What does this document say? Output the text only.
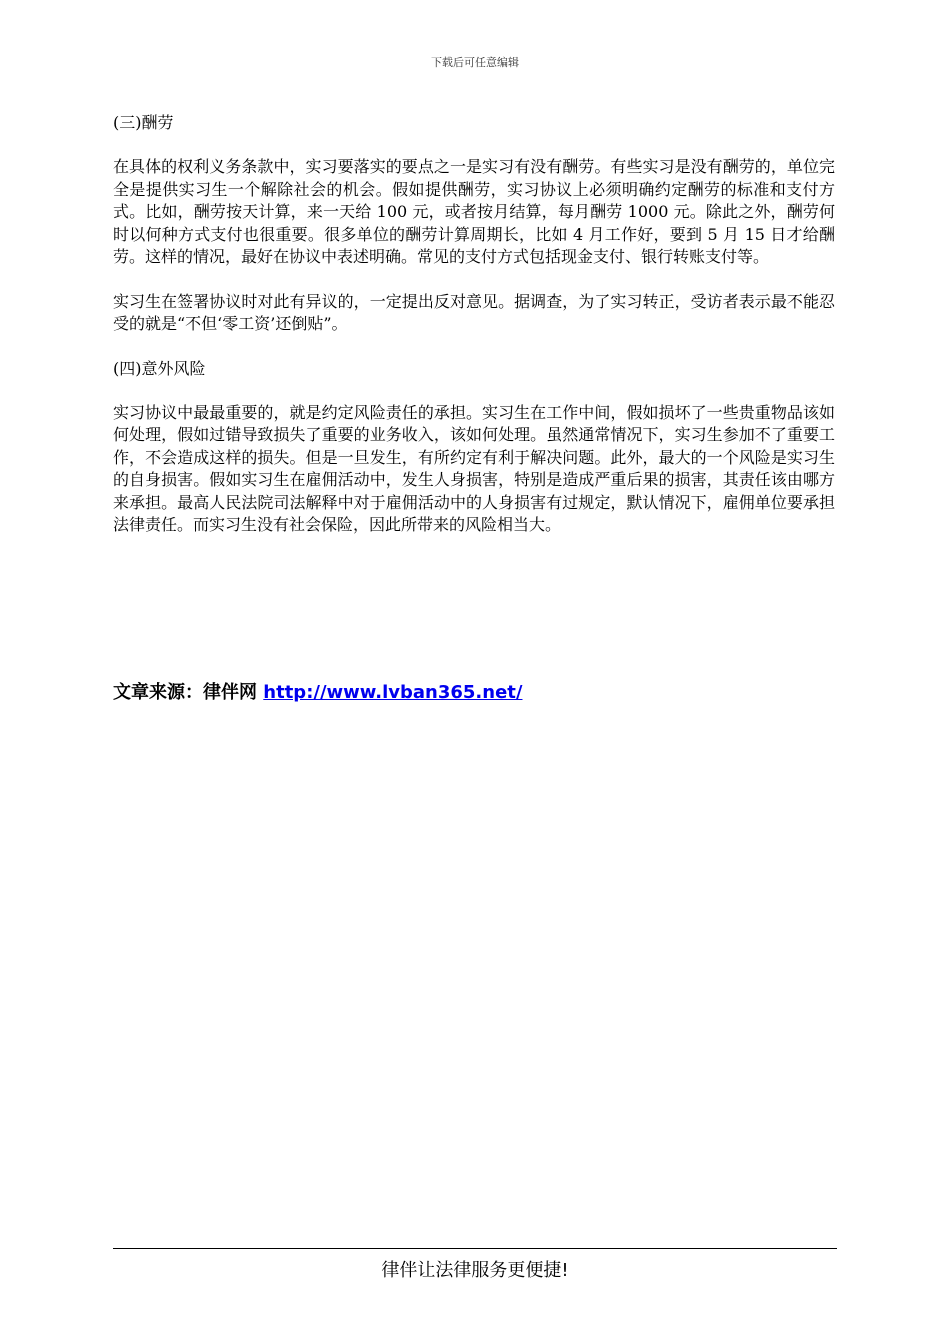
下载后可任意编辑
(三)酬劳

在具体的权利义务条款中，实习要落实的要点之一是实习有没有酬劳。有些实习是没有酬劳的，单位完全是提供实习生一个解除社会的机会。假如提供酬劳，实习协议上必须明确约定酬劳的标准和支付方式。比如，酬劳按天计算，来一天给 100 元，或者按月结算，每月酬劳 1000 元。除此之外，酬劳何时以何种方式支付也很重要。很多单位的酬劳计算周期长，比如 4 月工作好，要到 5 月 15 日才给酬劳。这样的情况，最好在协议中表述明确。常见的支付方式包括现金支付、银行转账支付等。

实习生在签署协议时对此有异议的，一定提出反对意见。据调查，为了实习转正，受访者表示最不能忍受的就是“不但‘零工资’还倒贴”。

(四)意外风险

实习协议中最最重要的，就是约定风险责任的承担。实习生在工作中间，假如损坏了一些贵重物品该如何处理，假如过错导致损失了重要的业务收入，该如何处理。虽然通常情况下，实习生参加不了重要工作，不会造成这样的损失。但是一旦发生，有所约定有利于解决问题。此外，最大的一个风险是实习生的自身损害。假如实习生在雇佣活动中，发生人身损害，特别是造成严重后果的损害，其责任该由哪方来承担。最高人民法院司法解释中对于雇佣活动中的人身损害有过规定，默认情况下，雇佣单位要承担法律责任。而实习生没有社会保险，因此所带来的风险相当大。

文章来源：律伴网 http://www.lvban365.net/
律伴让法律服务更便捷!
